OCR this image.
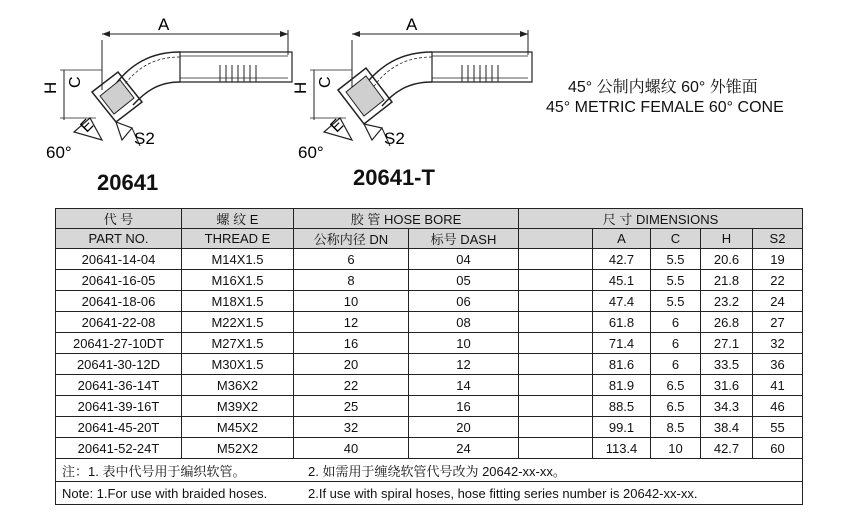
A
H C
E
60°
S2
A
H C
E
60°
S2
20641	20641-T
45° 公制内螺纹 60° 外锥面
45° METRIC FEMALE 60° CONE
代 号	螺 纹 E	胶 管 HOSE BORE		尺 寸 DIMENSIONS				
PART NO.	THREAD E	公称内径 DN	标号 DASH		A	C	H	S2
20641-14-04	M14X1.5	6	04		42.7	5.5	20.6	19
20641-16-05	M16X1.5	8	05		45.1	5.5	21.8	22
20641-18-06	M18X1.5	10	06		47.4	5.5	23.2	24
20641-22-08	M22X1.5	12	08		61.8	6	26.8	27
20641-27-10DT	M27X1.5	16	10		71.4	6	27.1	32
20641-30-12D	M30X1.5	20	12		81.6	6	33.5	36
20641-36-14T	M36X2	22	14		81.9	6.5	31.6	41
20641-39-16T	M39X2	25	16		88.5	6.5	34.3	46
20641-45-20T	M45X2	32	20		99.1	8.5	38.4	55
20641-52-24T	M52X2	40	24		113.4	10	42.7	60

注：1. 表中代号用于编织软管。 2. 如需用于缠绕软管代号改为 20642-xx-xx。								

Note: 1.For use with braided hoses. 2.If use with spiral hoses, hose fitting series number is 20642-xx-xx.								
